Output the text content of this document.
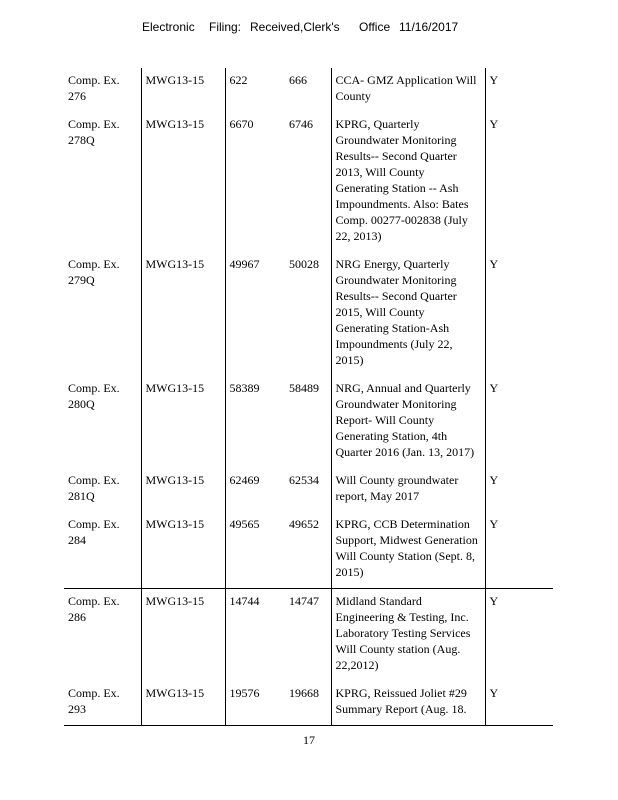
Electronic Filing: Received,Clerk's Office 11/16/2017
Comp. Ex. 276	MWG13-15	622	666	CCA- GMZ Application Will County	Y
Comp. Ex. 278Q	MWG13-15	6670	6746	KPRG, Quarterly Groundwater Monitoring Results-- Second Quarter 2013, Will County Generating Station -- Ash Impoundments. Also: Bates Comp. 00277-002838 (July 22, 2013)	Y
Comp. Ex. 279Q	MWG13-15	49967	50028	NRG Energy, Quarterly Groundwater Monitoring Results-- Second Quarter 2015, Will County Generating Station-Ash Impoundments (July 22, 2015)	Y
Comp. Ex. 280Q	MWG13-15	58389	58489	NRG, Annual and Quarterly Groundwater Monitoring Report- Will County Generating Station, 4th Quarter 2016 (Jan. 13, 2017)	Y
Comp. Ex. 281Q	MWG13-15	62469	62534	Will County groundwater report, May 2017	Y
Comp. Ex. 284	MWG13-15	49565	49652	KPRG, CCB Determination Support, Midwest Generation Will County Station (Sept. 8, 2015)	Y
Comp. Ex. 286	MWG13-15	14744	14747	Midland Standard Engineering & Testing, Inc. Laboratory Testing Services Will County station (Aug. 22,2012)	Y
Comp. Ex. 293	MWG13-15	19576	19668	KPRG, Reissued Joliet #29 Summary Report (Aug. 18.	Y
17
